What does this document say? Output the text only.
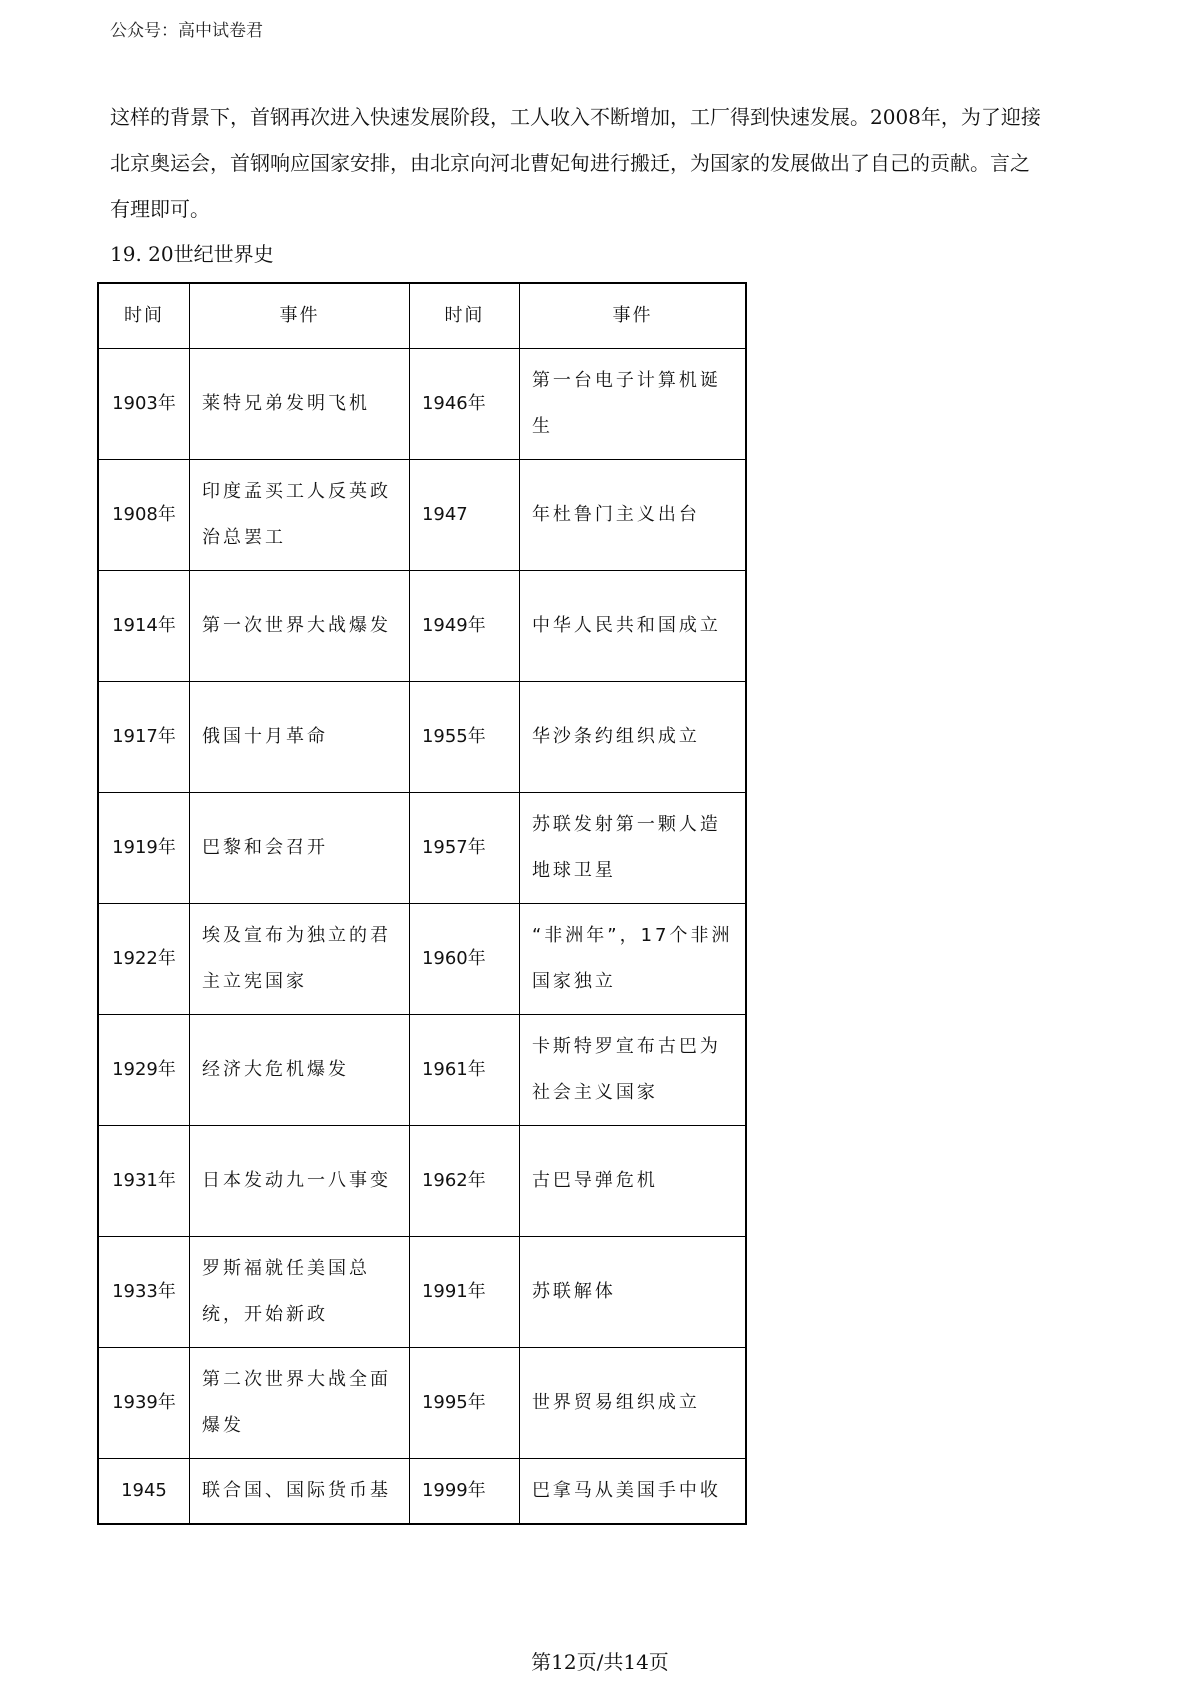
公众号：高中试卷君

这样的背景下，首钢再次进入快速发展阶段，工人收入不断增加，工厂得到快速发展。2008年，为了迎接

北京奥运会，首钢响应国家安排，由北京向河北曹妃甸进行搬迁，为国家的发展做出了自己的贡献。言之

有理即可。

19. 20世纪世界史
时间	事件	时间	事件
1903年	莱特兄弟发明飞机	1946年	第一台电子计算机诞生
1908年	印度孟买工人反英政治总罢工	1947	年杜鲁门主义出台
1914年	第一次世界大战爆发	1949年	中华人民共和国成立
1917年	俄国十月革命	1955年	华沙条约组织成立
1919年	巴黎和会召开	1957年	苏联发射第一颗人造地球卫星
1922年	埃及宣布为独立的君主立宪国家	1960年	“非洲年”，17个非洲国家独立
1929年	经济大危机爆发	1961年	卡斯特罗宣布古巴为社会主义国家
1931年	日本发动九一八事变	1962年	古巴导弹危机
1933年	罗斯福就任美国总统，开始新政	1991年	苏联解体
1939年	第二次世界大战全面爆发	1995年	世界贸易组织成立
1945	联合国、国际货币基	1999年	巴拿马从美国手中收
第12页/共14页
